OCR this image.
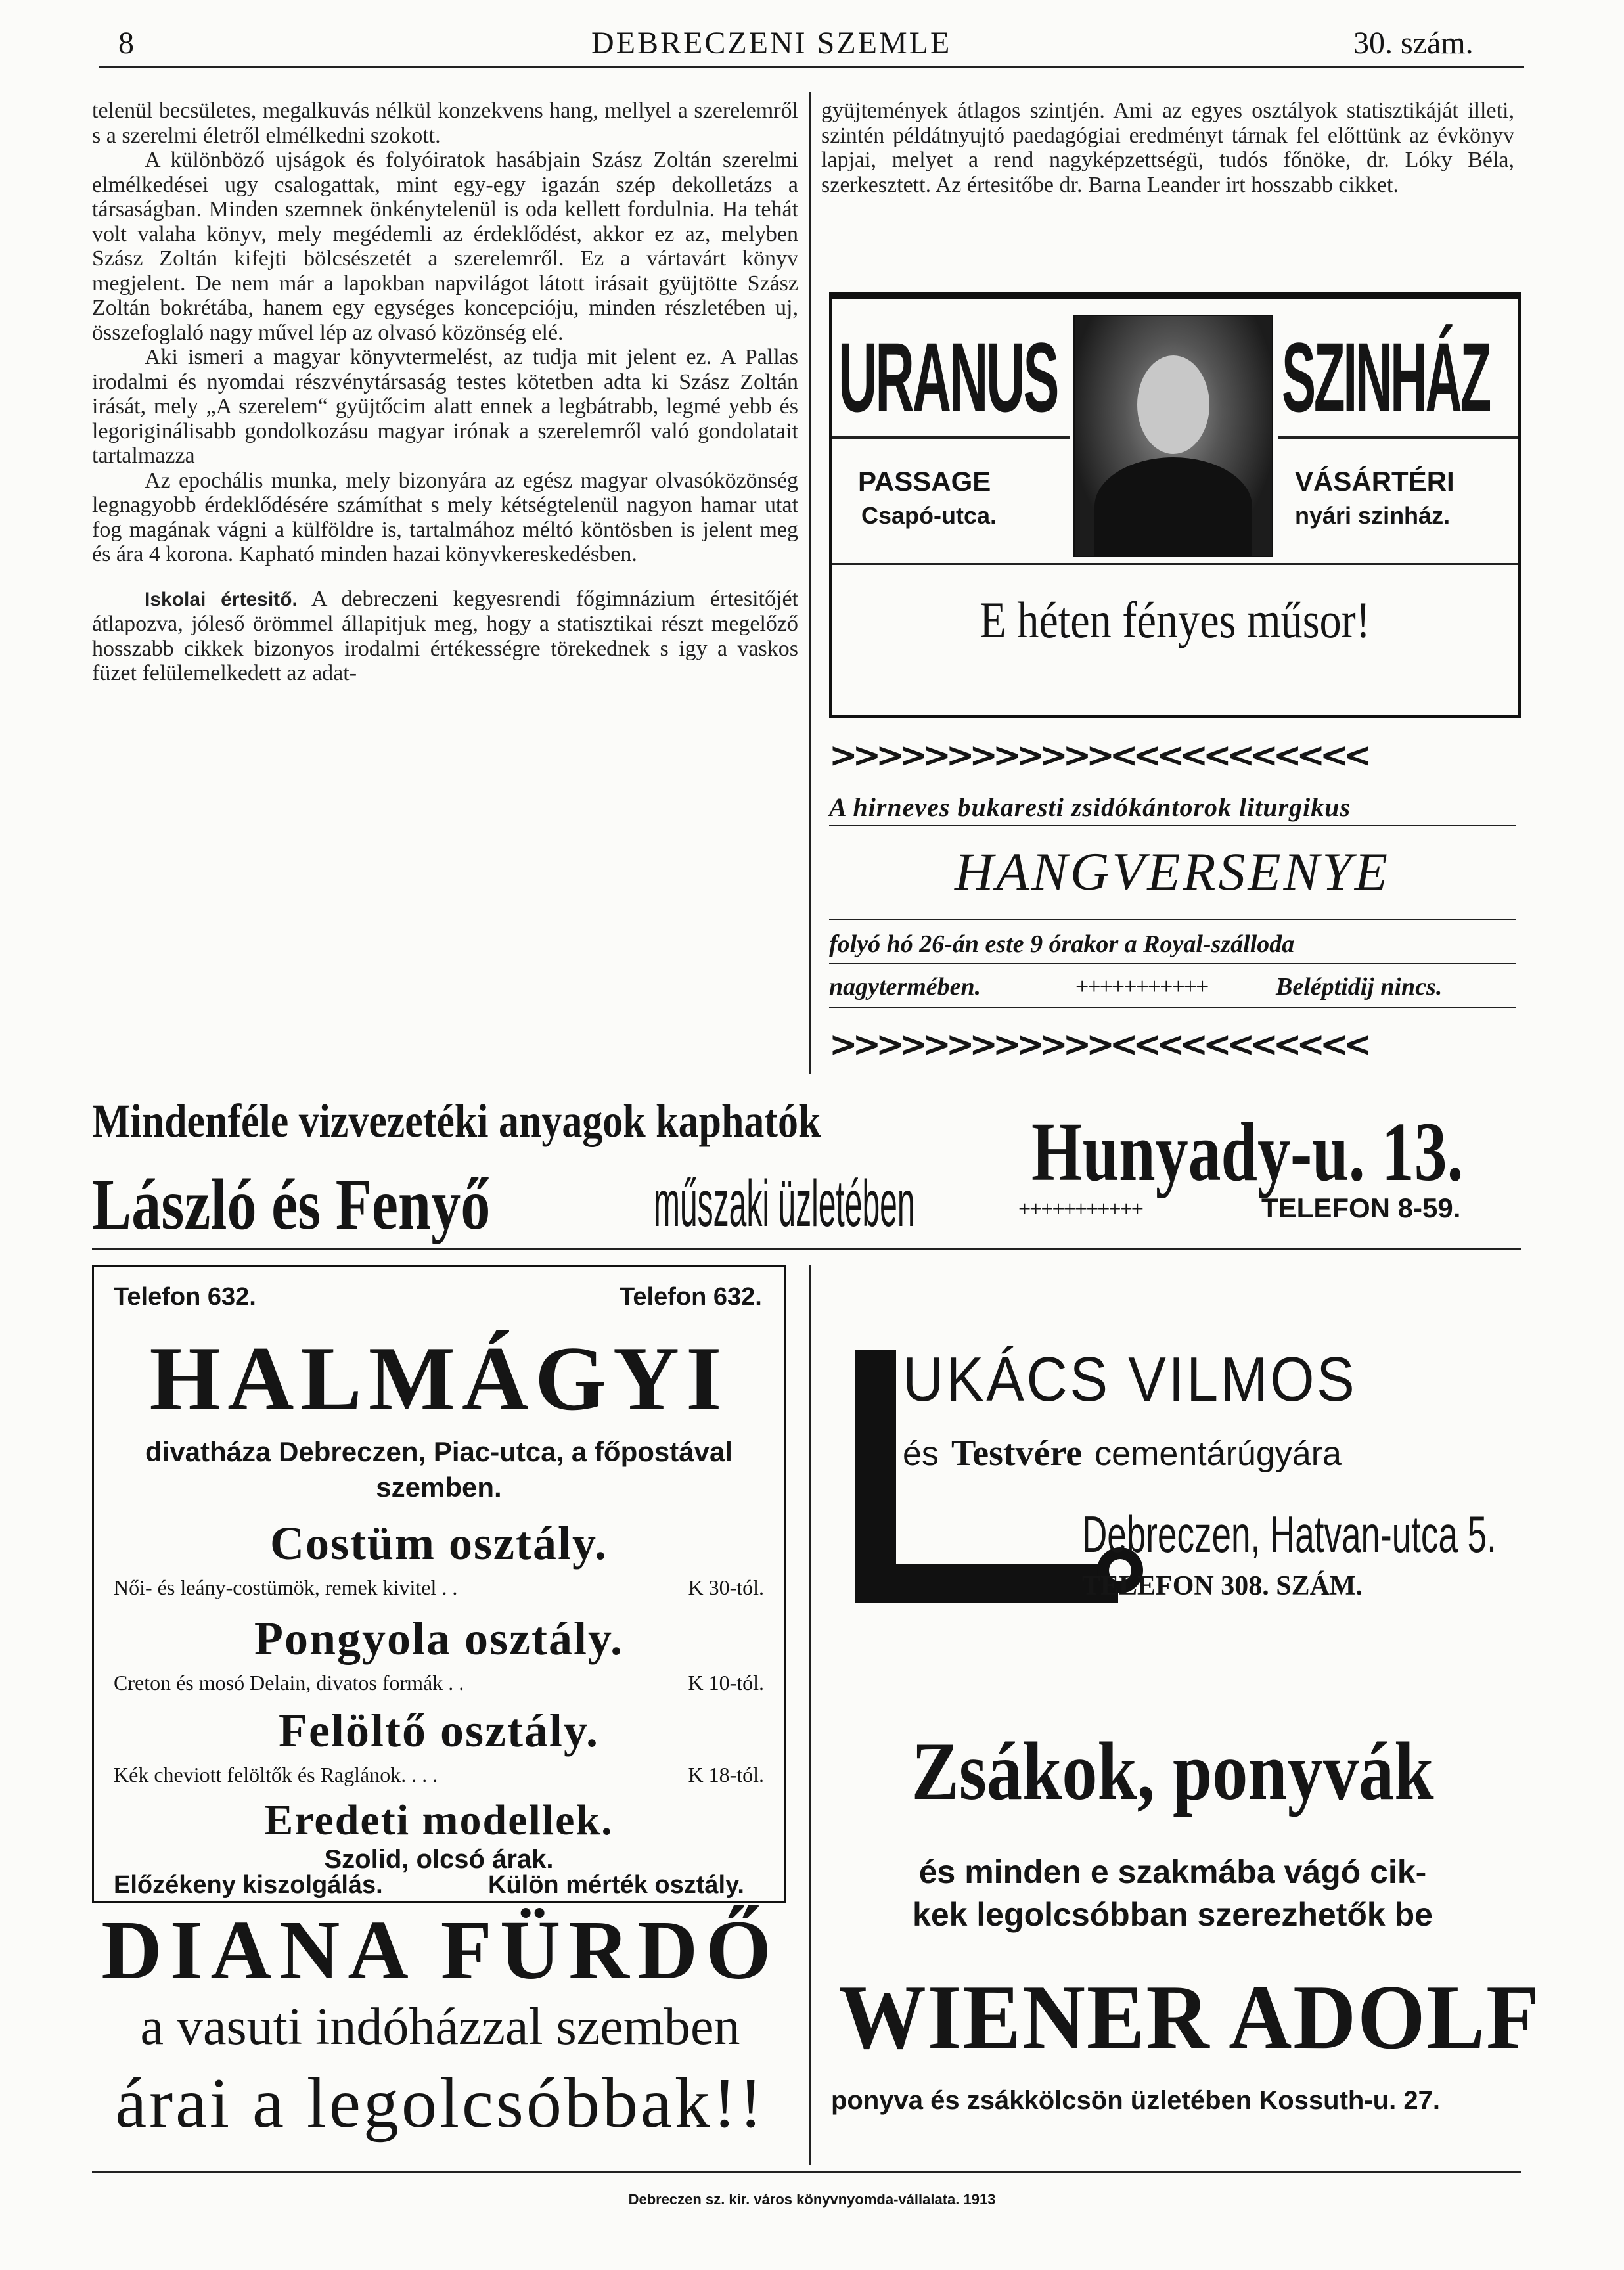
8	DEBRECZENI SZEMLE	30. szám.

telenül becsületes, megalkuvás nélkül konzekvens hang, mellyel a szerelemről s a szerelmi életről elmélkedni szokott.

A különböző ujságok és folyóiratok hasábjain Szász Zoltán szerelmi elmélkedései ugy csalogattak, mint egy-egy igazán szép dekolletázs a társaságban. Minden szemnek önkénytelenül is oda kellett fordulnia. Ha tehát volt valaha könyv, mely megédemli az érdeklődést, akkor ez az, melyben Szász Zoltán kifejti bölcsészetét a szerelemről. Ez a vártavárt könyv megjelent. De nem már a lapokban napvilágot látott irásait gyüjtötte Szász Zoltán bokrétába, hanem egy egységes koncepcióju, minden részletében uj, összefoglaló nagy művel lép az olvasó közönség elé.

Aki ismeri a magyar könyvtermelést, az tudja mit jelent ez. A Pallas irodalmi és nyomdai részvénytársaság testes kötetben adta ki Szász Zoltán irását, mely „A szerelem“ gyüjtőcim alatt ennek a legbátrabb, legmé yebb és legoriginálisabb gondolkozásu magyar irónak a szerelemről való gondolatait tartalmazza

Az epochális munka, mely bizonyára az egész magyar olvasóközönség legnagyobb érdeklődésére számíthat s mely kétségtelenül nagyon hamar utat fog magának vágni a külföldre is, tartalmához méltó köntösben is jelent meg és ára 4 korona. Kapható minden hazai könyvkereskedésben.

Iskolai értesitő. A debreczeni kegyesrendi főgimnázium értesitőjét átlapozva, jóleső örömmel állapitjuk meg, hogy a statisztikai részt megelőző hosszabb cikkek bizonyos irodalmi értékességre törekednek s igy a vaskos füzet felülemelkedett az adat-

gyüjtemények átlagos szintjén. Ami az egyes osztályok statisztikáját illeti, szintén példátnyujtó paedagógiai eredményt tárnak fel előttünk az évkönyv lapjai, melyet a rend nagyképzettségü, tudós főnöke, dr. Lóky Béla, szerkesztett. Az értesitőbe dr. Barna Leander irt hosszabb cikket.

URANUS SZINHÁZ
PASSAGE
Csapó-utca.
VÁSÁRTÉRI
nyári szinház.
E héten fényes műsor!
>>>>>>>>>>>><<<<<<<<<<<
A hirneves bukaresti zsidókántorok liturgikus
HANGVERSENYE
folyó hó 26-án este 9 órakor a Royal-szálloda
nagytermében.	+++++++++++	Beléptidij nincs.
>>>>>>>>>>>><<<<<<<<<<<
Mindenféle vizvezetéki anyagok kaphatók	Hunyady-u. 13.
László és Fenyő műszaki üzletében	+++++++++++	TELEFON 8-59.
Telefon 632.	Telefon 632.
HALMÁGYI
divatháza Debreczen, Piac-utca, a főpostával szemben.
Costüm osztály.
Női- és leány-costümök, remek kivitel . .	K 30-tól.
Pongyola osztály.
Creton és mosó Delain, divatos formák . .	K 10-tól.
Felöltő osztály.
Kék cheviott felöltők és Raglánok. . . .	K 18-tól.
Eredeti modellek.
Szolid, olcsó árak.
Előzékeny kiszolgálás.	Külön mérték osztály.
DIANA FÜRDŐ
a vasuti indóházzal szemben
árai a legolcsóbbak!!
UKÁCS VILMOS
és Testvére cementárúgyára
Debreczen, Hatvan-utca 5.
TELEFON 308. SZÁM.
Zsákok, ponyvák
és minden e szakmába vágó cik-
kek legolcsóbban szerezhetők be
WIENER ADOLF
ponyva és zsákkölcsön üzletében Kossuth-u. 27.
Debreczen sz. kir. város könyvnyomda-vállalata. 1913
